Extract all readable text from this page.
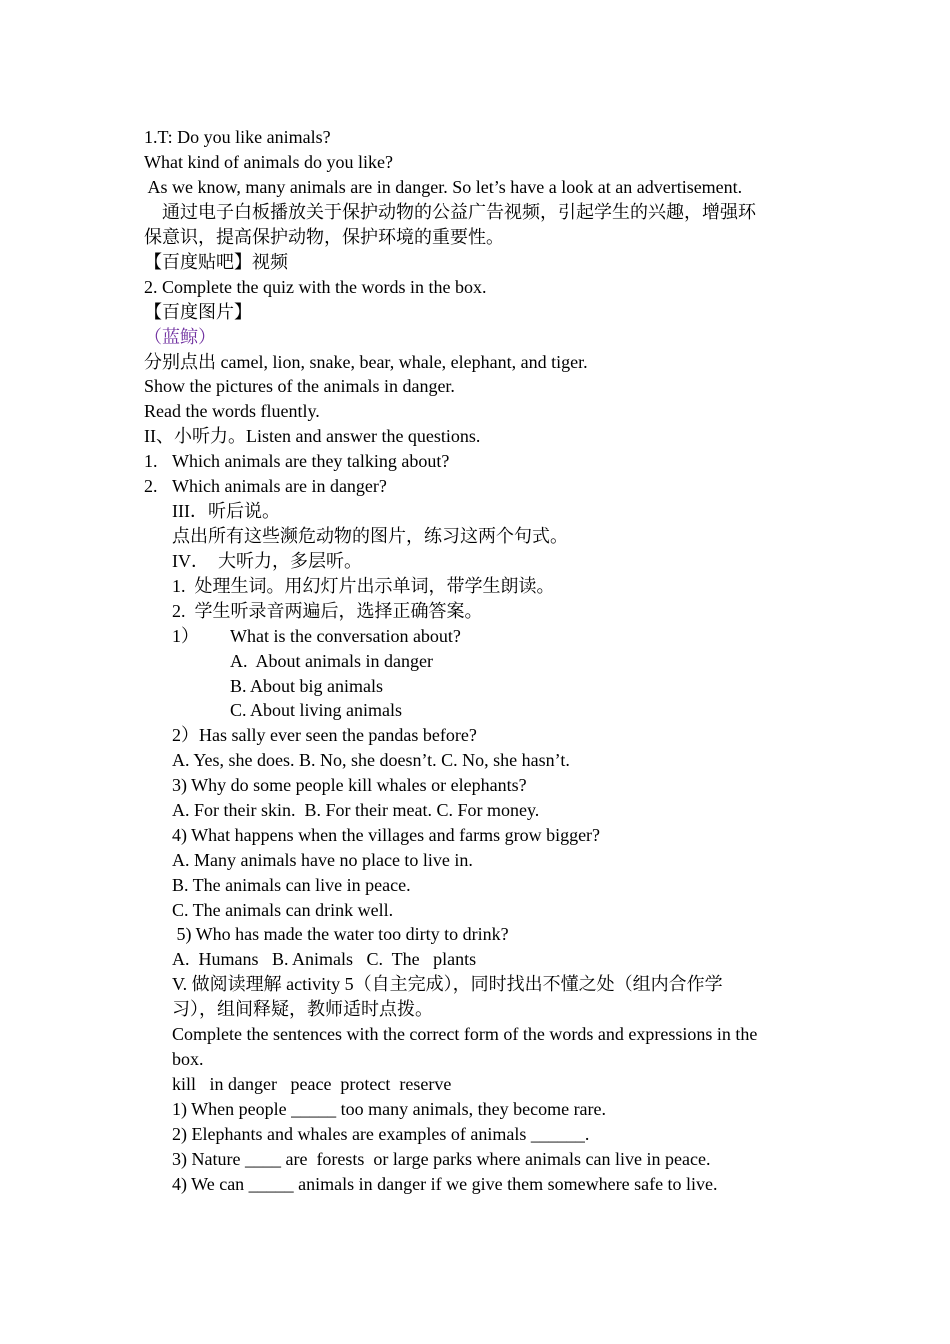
1.T: Do you like animals?
What kind of animals do you like?
As we know, many animals are in danger. So let’s have a look at an advertisement.
　通过电子白板播放关于保护动物的公益广告视频，引起学生的兴趣，增强环
保意识，提高保护动物，保护环境的重要性。
【百度贴吧】视频
2. Complete the quiz with the words in the box.
【百度图片】
（蓝鲸）
分别点出 camel, lion, snake, bear, whale, elephant, and tiger.
Show the pictures of the animals in danger.
Read the words fluently.
II、小听力。Listen and answer the questions.
1. Which animals are they talking about?
2. Which animals are in danger?
III．听后说。
点出所有这些濒危动物的图片，练习这两个句式。
IV．  大听力，多层听。
1.  处理生词。用幻灯片出示单词，带学生朗读。
2.  学生听录音两遍后，选择正确答案。
1） What is the conversation about?
A.  About animals in danger
B. About big animals
C. About living animals
2）Has sally ever seen the pandas before?
A. Yes, she does. B. No, she doesn’t. C. No, she hasn’t.
3) Why do some people kill whales or elephants?
A. For their skin.  B. For their meat. C. For money.
4) What happens when the villages and farms grow bigger?
A. Many animals have no place to live in.
B. The animals can live in peace.
C. The animals can drink well.
5) Who has made the water too dirty to drink?
A.  Humans   B. Animals   C.  The   plants
V. 做阅读理解 activity 5（自主完成），同时找出不懂之处（组内合作学
习），组间释疑，教师适时点拨。
Complete the sentences with the correct form of the words and expressions in the
box.
kill   in danger   peace  protect  reserve
1) When people _____ too many animals, they become rare.
2) Elephants and whales are examples of animals ______.
3) Nature ____ are  forests  or large parks where animals can live in peace.
4) We can _____ animals in danger if we give them somewhere safe to live.
